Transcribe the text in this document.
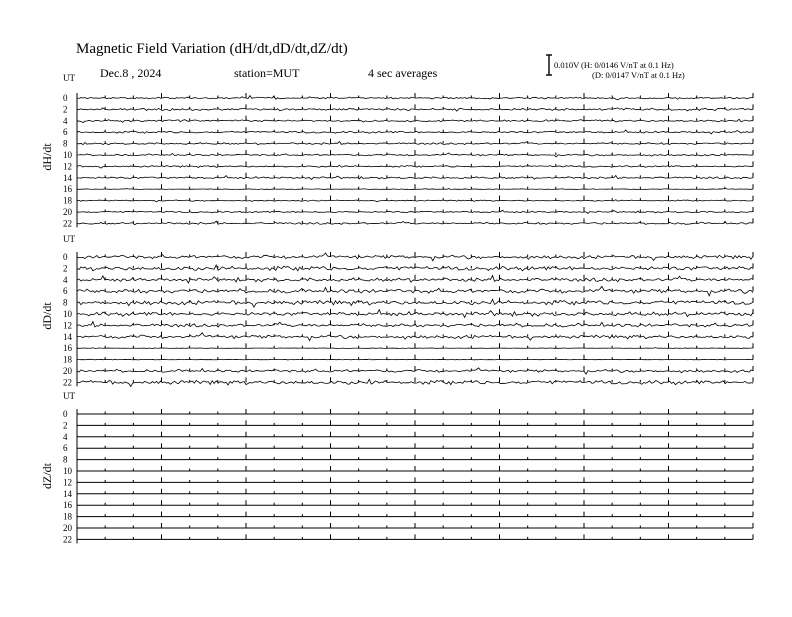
Magnetic Field Variation (dH/dt,dD/dt,dZ/dt)
Dec.8 , 2024	station=MUT	4 sec averages
0.010V (H: 0/0146 V/nT at 0.1 Hz)
(D: 0/0147 V/nT at 0.1 Hz)
UT
dH/dt
0
2
4
6
8
10
12
14
16
18
20
22
UT
dD/dt
0
2
4
6
8
10
12
14
16
18
20
22
UT
dZ/dt
0
2
4
6
8
10
12
14
16
18
20
22
